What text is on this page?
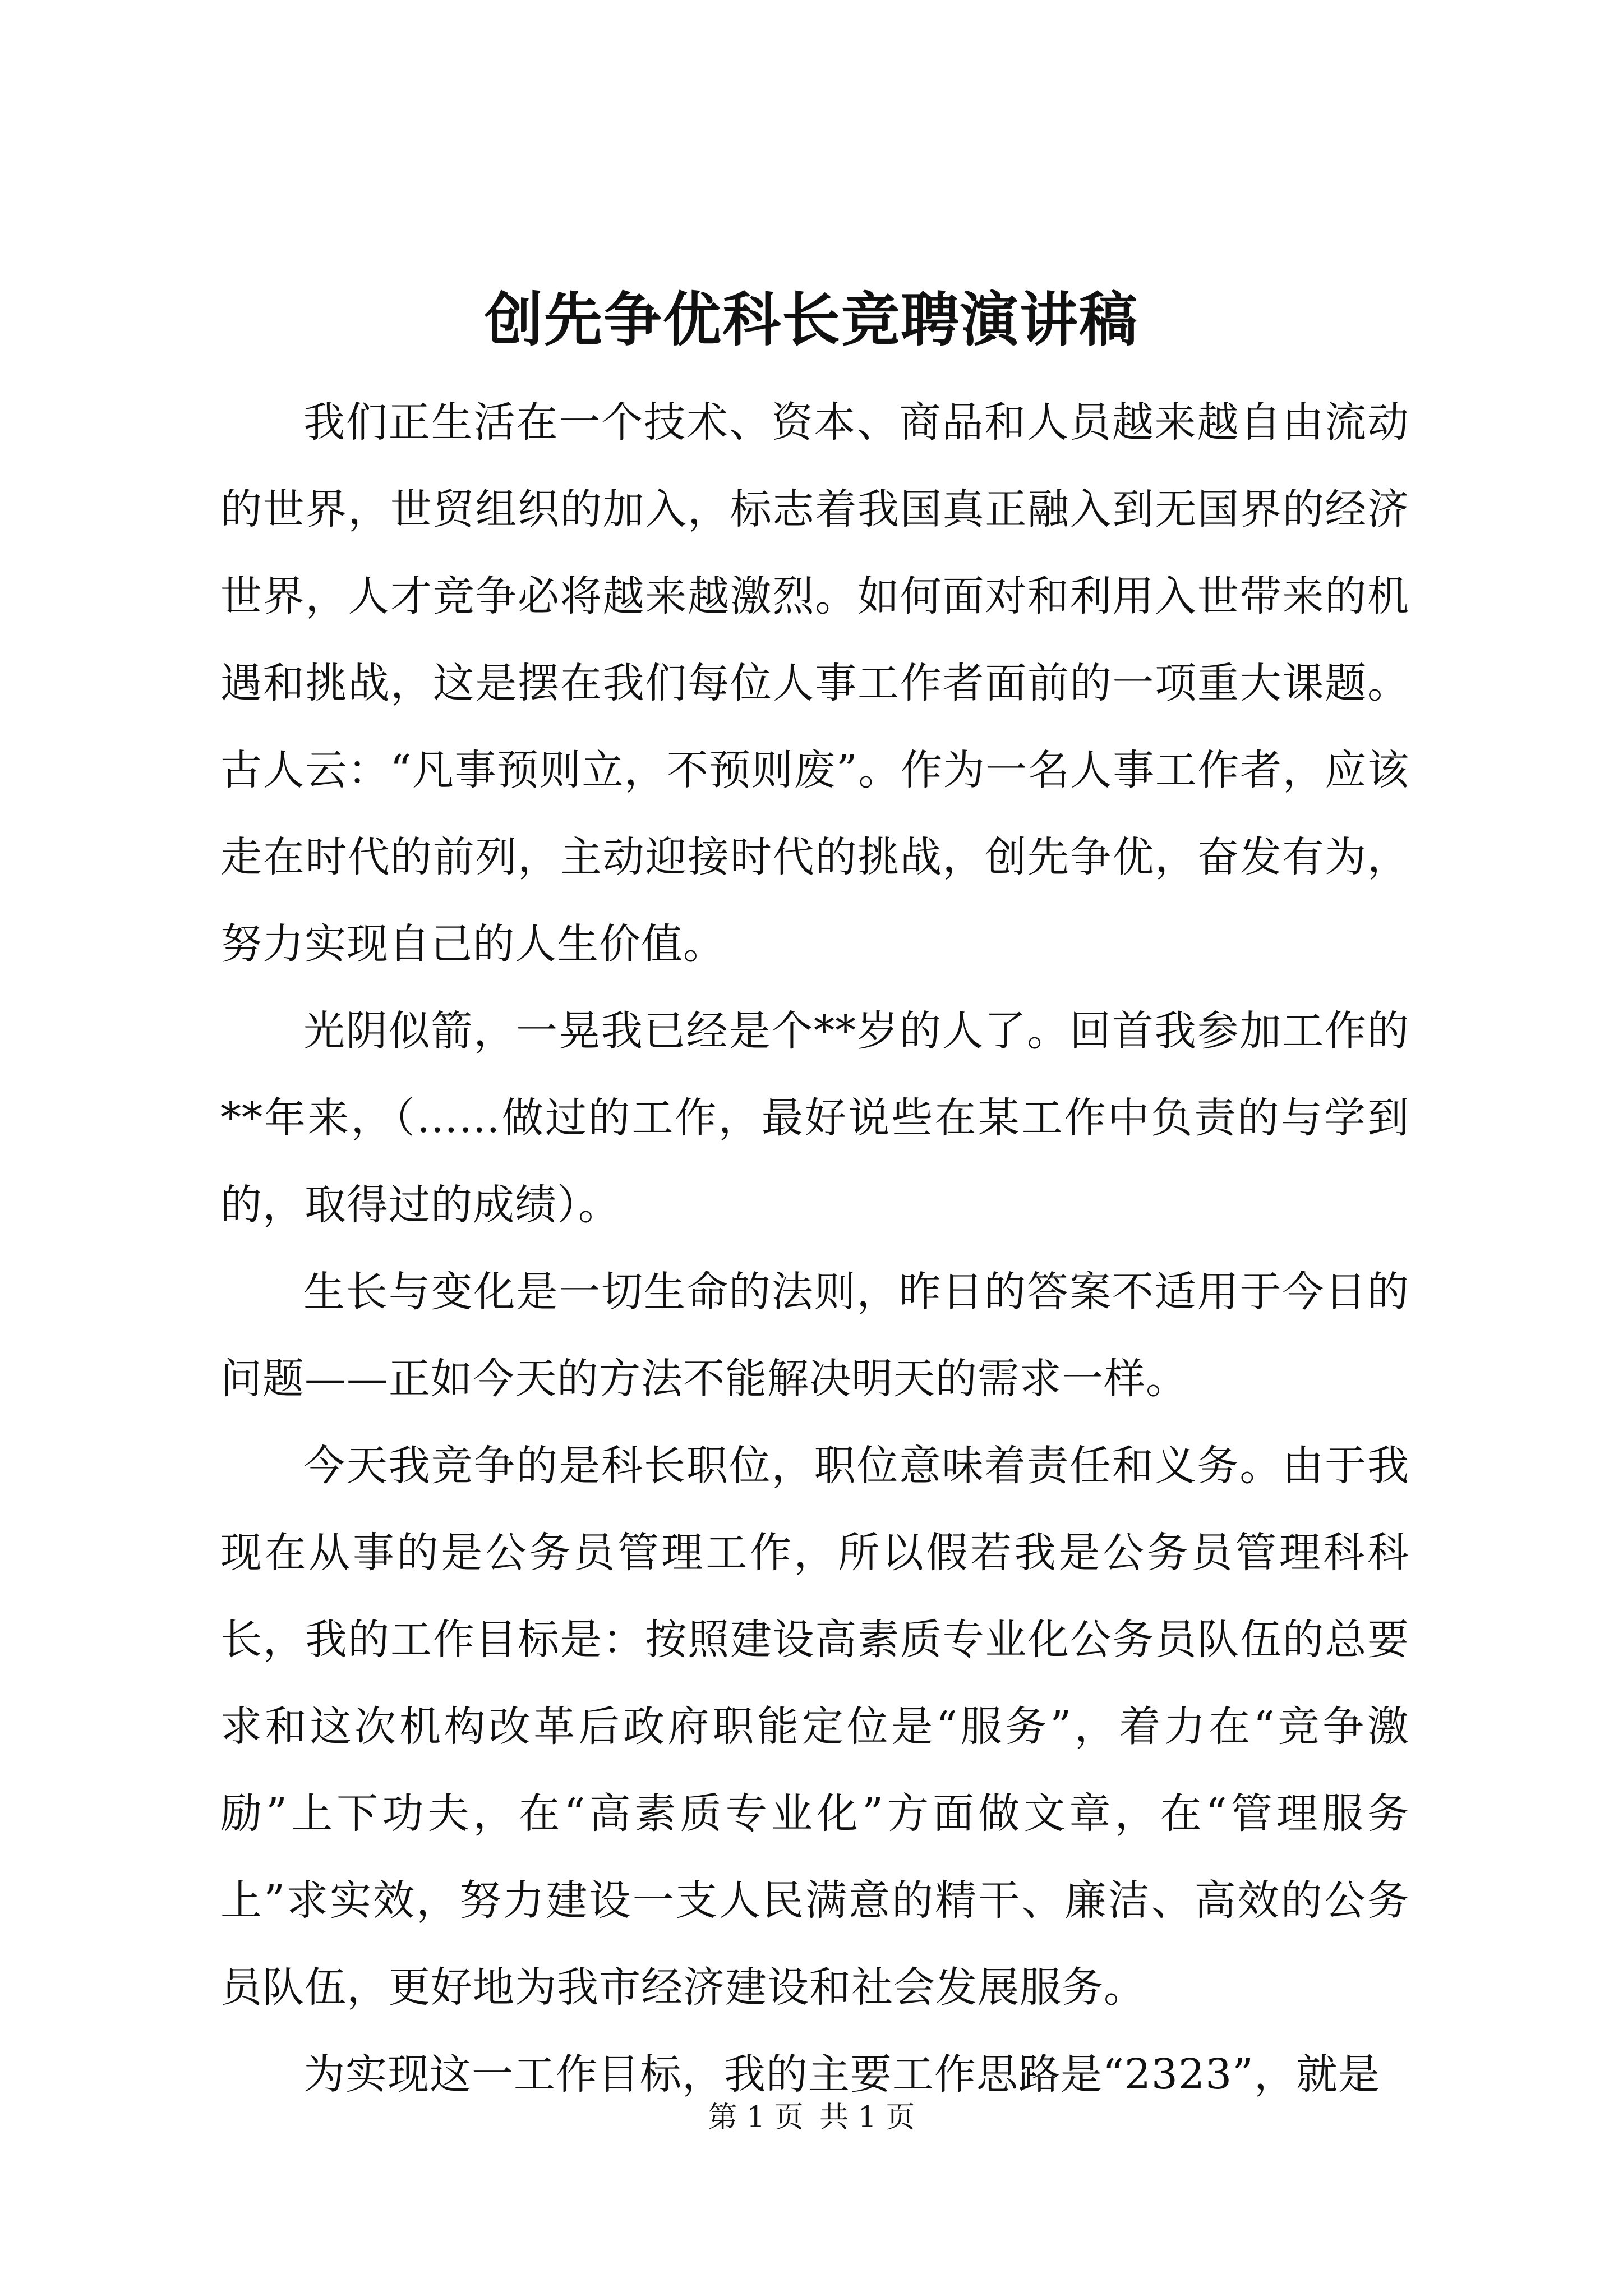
创先争优科长竞聘演讲稿

我们正生活在一个技术、资本、商品和人员越来越自由流动的世界，世贸组织的加入，标志着我国真正融入到无国界的经济世界，人才竞争必将越来越激烈。如何面对和利用入世带来的机遇和挑战，这是摆在我们每位人事工作者面前的一项重大课题。古人云：“凡事预则立，不预则废”。作为一名人事工作者，应该走在时代的前列，主动迎接时代的挑战，创先争优，奋发有为，努力实现自己的人生价值。

光阴似箭，一晃我已经是个**岁的人了。回首我参加工作的**年来，（……做过的工作，最好说些在某工作中负责的与学到的，取得过的成绩）。

生长与变化是一切生命的法则，昨日的答案不适用于今日的问题——正如今天的方法不能解决明天的需求一样。

今天我竞争的是科长职位，职位意味着责任和义务。由于我现在从事的是公务员管理工作，所以假若我是公务员管理科科长，我的工作目标是：按照建设高素质专业化公务员队伍的总要求和这次机构改革后政府职能定位是“服务”，着力在“竞争激励”上下功夫，在“高素质专业化”方面做文章，在“管理服务上”求实效，努力建设一支人民满意的精干、廉洁、高效的公务员队伍，更好地为我市经济建设和社会发展服务。

为实现这一工作目标，我的主要工作思路是“2323”，就是

第 1 页 共 1 页
